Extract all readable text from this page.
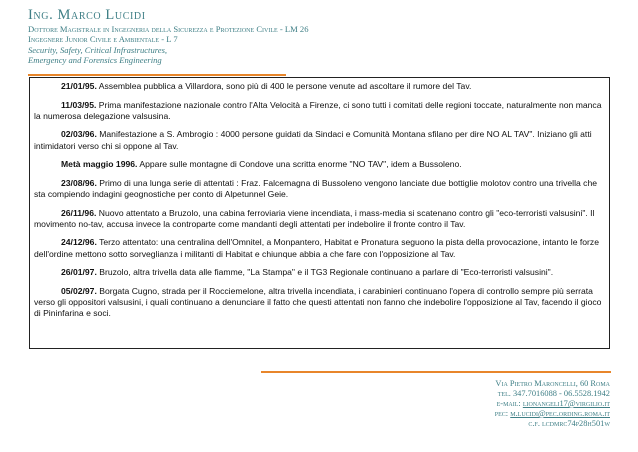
Ing. Marco Lucidi
Dottore Magistrale in Ingegneria della Sicurezza e Protezione Civile - LM 26
Ingegnere Junior Civile e Ambientale - L 7
Security, Safety, Critical Infrastructures,
Emergency and Forensics Engineering

21/01/95. Assemblea pubblica a Villardora, sono più di 400 le persone venute ad ascoltare il rumore del Tav.

11/03/95. Prima manifestazione nazionale contro l'Alta Velocità a Firenze, ci sono tutti i comitati delle regioni toccate, naturalmente non manca la numerosa delegazione valsusina.

02/03/96. Manifestazione a S. Ambrogio : 4000 persone guidati da Sindaci e Comunità Montana sfilano per dire NO AL TAV". Iniziano gli atti intimidatori verso chi si oppone al Tav.

Metà maggio 1996. Appare sulle montagne di Condove una scritta enorme "NO TAV", idem a Bussoleno.

23/08/96. Primo di una lunga serie di attentati : Fraz. Falcemagna di Bussoleno vengono lanciate due bottiglie molotov contro una trivella che sta compiendo indagini geognostiche per conto di Alpetunnel Geie.

26/11/96. Nuovo attentato a Bruzolo, una cabina ferroviaria viene incendiata, i mass-media si scatenano contro gli "eco-terroristi valsusini". Il movimento no-tav, accusa invece la controparte come mandanti degli attentati per indebolire il fronte contro il Tav.

24/12/96. Terzo attentato: una centralina dell'Omnitel, a Monpantero, Habitat e Pronatura seguono la pista della provocazione, intanto le forze dell'ordine mettono sotto sorveglianza i militanti di Habitat e chiunque abbia a che fare con l'opposizione al Tav.

26/01/97. Bruzolo, altra trivella data alle fiamme, "La Stampa" e il TG3 Regionale continuano a parlare di "Eco-terroristi valsusini".

05/02/97. Borgata Cugno, strada per il Rocciemelone, altra trivella incendiata, i carabinieri continuano l'opera di controllo sempre più serrata verso gli oppositori valsusini, i quali continuano a denunciare il fatto che questi attentati non fanno che indebolire l'opposizione al Tav, facendo il gioco di Pininfarina e soci.

Via Pietro Maroncelli, 60 Roma
tel. 347.7016088 - 06.5528.1942
e-mail: lionangeli17@virgilio.it
pec: m.lucidi@pec.ording.roma.it
c.f. lcdmrc74p28h501w
